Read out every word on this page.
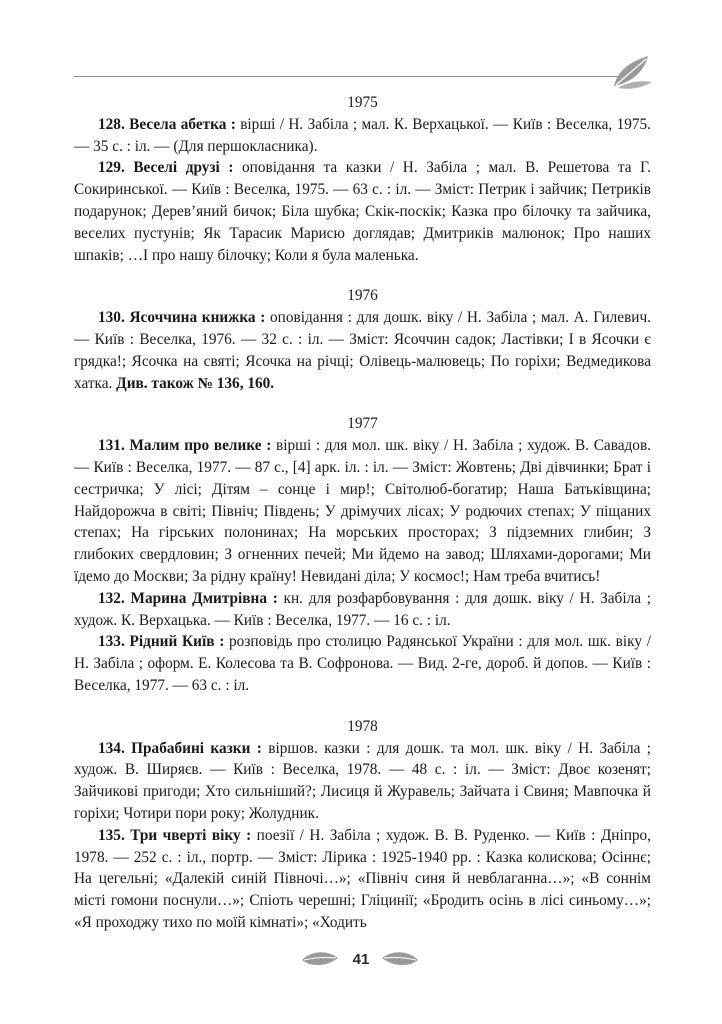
1975

128. Весела абетка : вірші / Н. Забіла ; мал. К. Верхацької. — Київ : Веселка, 1975. — 35 с. : іл. — (Для першокласника).

129. Веселі друзі : оповідання та казки / Н. Забіла ; мал. В. Решетова та Г. Сокиринської. — Київ : Веселка, 1975. — 63 с. : іл. — Зміст: Петрик і зайчик; Петриків подарунок; Дерев’яний бичок; Біла шубка; Скік-поскік; Казка про білочку та зайчика, веселих пустунів; Як Тарасик Марисю доглядав; Дмитриків малюнок; Про наших шпаків; …І про нашу білочку; Коли я була маленька.

1976

130. Ясоччина книжка : оповідання : для дошк. віку / Н. Забіла ; мал. А. Гилевич. — Київ : Веселка, 1976. — 32 с. : іл. — Зміст: Ясоччин садок; Ластівки; І в Ясочки є грядка!; Ясочка на святі; Ясочка на річці; Олівець-малювець; По горіхи; Ведмедикова хатка. Див. також № 136, 160.

1977

131. Малим про велике : вірші : для мол. шк. віку / Н. Забіла ; худож. В. Савадов. — Київ : Веселка, 1977. — 87 с., [4] арк. іл. : іл. — Зміст: Жовтень; Дві дівчинки; Брат і сестричка; У лісі; Дітям – сонце і мир!; Світолюб-богатир; Наша Батьківщина; Найдорожча в світі; Північ; Південь; У дрімучих лісах; У родючих степах; У піщаних степах; На гірських полонинах; На морських просторах; З підземних глибин; З глибоких свердловин; З огненних печей; Ми йдемо на завод; Шляхами-дорогами; Ми їдемо до Москви; За рідну країну! Невидані діла; У космос!; Нам треба вчитись!

132. Марина Дмитрівна : кн. для розфарбовування : для дошк. віку / Н. Забіла ; худож. К. Верхацька. — Київ : Веселка, 1977. — 16 с. : іл.

133. Рідний Київ : розповідь про столицю Радянської України : для мол. шк. віку / Н. Забіла ; оформ. Е. Колесова та В. Софронова. — Вид. 2-ге, дороб. й допов. — Київ : Веселка, 1977. — 63 с. : іл.

1978

134. Прабабині казки : віршов. казки : для дошк. та мол. шк. віку / Н. Забіла ; худож. В. Ширяєв. — Київ : Веселка, 1978. — 48 с. : іл. — Зміст: Двоє козенят; Зайчикові пригоди; Хто сильніший?; Лисиця й Журавель; Зайчата і Свиня; Мавпочка й горіхи; Чотири пори року; Жолудник.

135. Три чверті віку : поезії / Н. Забіла ; худож. В. В. Руденко. — Київ : Дніпро, 1978. — 252 с. : іл., портр. — Зміст: Лірика : 1925-1940 рр. : Казка колискова; Осіннє; На цегельні; «Далекій синій Півночі…»; «Північ синя й невблаганна…»; «В соннім місті гомони поснули…»; Спіоть черешні; Гліцинії; «Бродить осінь в лісі синьому…»; «Я проходжу тихо по моїй кімнаті»; «Ходить

41
